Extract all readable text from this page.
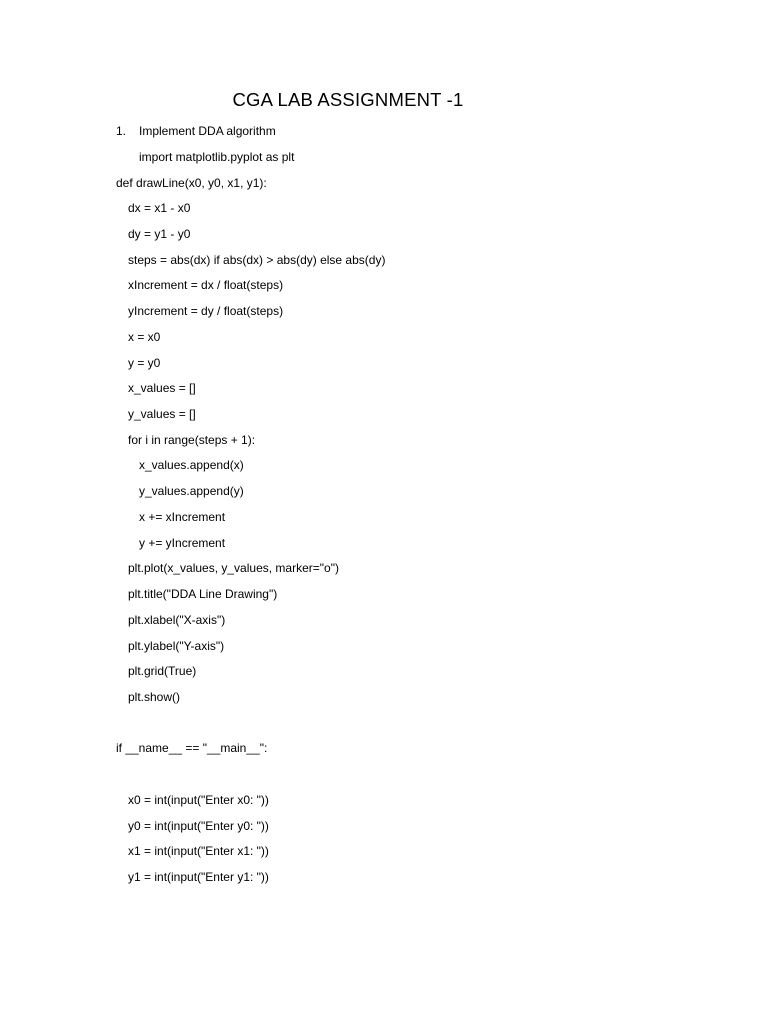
CGA LAB ASSIGNMENT -1
1. Implement DDA algorithm
import matplotlib.pyplot as plt
def drawLine(x0, y0, x1, y1):
dx = x1 - x0
dy = y1 - y0
steps = abs(dx) if abs(dx) > abs(dy) else abs(dy)
xIncrement = dx / float(steps)
yIncrement = dy / float(steps)
x = x0
y = y0
x_values = []
y_values = []
for i in range(steps + 1):
x_values.append(x)
y_values.append(y)
x += xIncrement
y += yIncrement
plt.plot(x_values, y_values, marker="o")
plt.title("DDA Line Drawing")
plt.xlabel("X-axis")
plt.ylabel("Y-axis")
plt.grid(True)
plt.show()
if __name__ == "__main__":
x0 = int(input("Enter x0: "))
y0 = int(input("Enter y0: "))
x1 = int(input("Enter x1: "))
y1 = int(input("Enter y1: "))
